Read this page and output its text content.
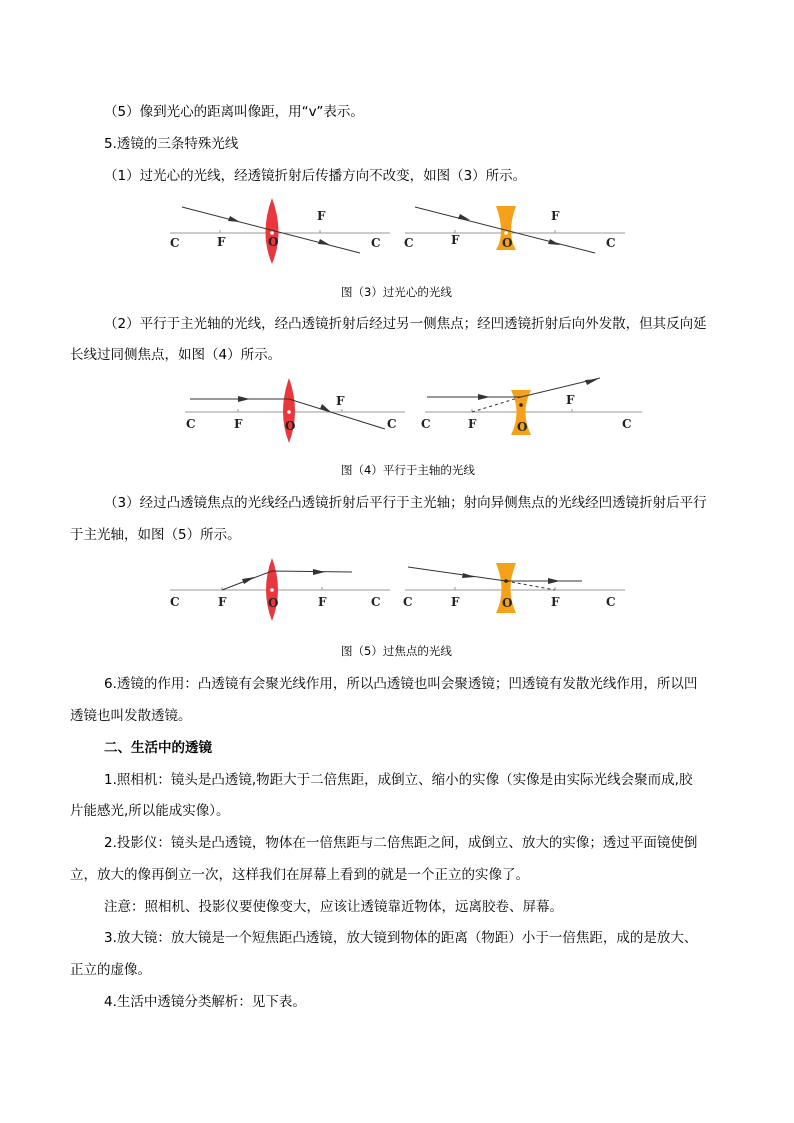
（5）像到光心的距离叫像距，用“v”表示。
5.透镜的三条特殊光线
（1）过光心的光线，经透镜折射后传播方向不改变，如图（3）所示。
C	F	O
F
C C	F	O
F
C
图（3）过光心的光线
（2）平行于主光轴的光线，经凸透镜折射后经过另一侧焦点；经凹透镜折射后向外发散，但其反向延
长线过同侧焦点，如图（4）所示。
C	F	O
F
C C	F	O
F
C
图（4）平行于主轴的光线
（3）经过凸透镜焦点的光线经凸透镜折射后平行于主光轴；射向异侧焦点的光线经凹透镜折射后平行
于主光轴，如图（5）所示。
C	F	O	F	C C	F	O	F	C
图（5）过焦点的光线
6.透镜的作用：凸透镜有会聚光线作用，所以凸透镜也叫会聚透镜；凹透镜有发散光线作用，所以凹
透镜也叫发散透镜。
二、生活中的透镜
1.照相机：镜头是凸透镜,物距大于二倍焦距，成倒立、缩小的实像（实像是由实际光线会聚而成,胶
片能感光,所以能成实像）。
2.投影仪：镜头是凸透镜，物体在一倍焦距与二倍焦距之间，成倒立、放大的实像；透过平面镜使倒
立，放大的像再倒立一次，这样我们在屏幕上看到的就是一个正立的实像了。
注意：照相机、投影仪要使像变大，应该让透镜靠近物体，远离胶卷、屏幕。
3.放大镜：放大镜是一个短焦距凸透镜，放大镜到物体的距离（物距）小于一倍焦距，成的是放大、
正立的虚像。
4.生活中透镜分类解析：见下表。
